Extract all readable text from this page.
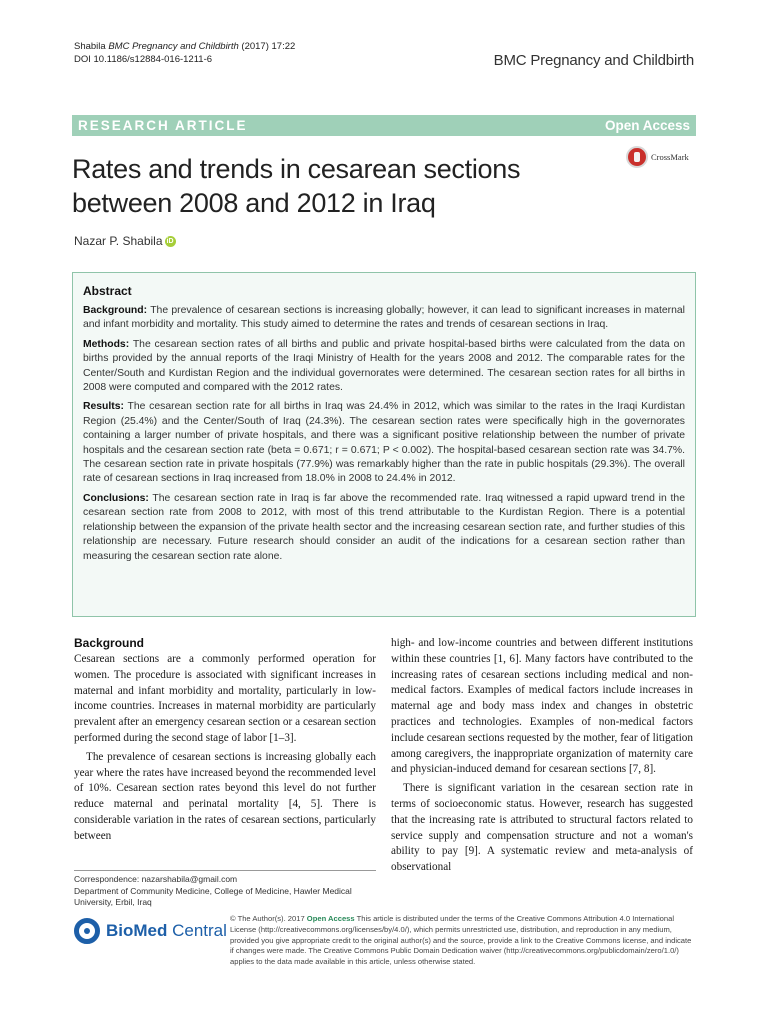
Shabila BMC Pregnancy and Childbirth (2017) 17:22
DOI 10.1186/s12884-016-1211-6	BMC Pregnancy and Childbirth
RESEARCH ARTICLE	Open Access
Rates and trends in cesarean sections between 2008 and 2012 in Iraq
CrossMark
Nazar P. Shabila iD
Abstract

Background: The prevalence of cesarean sections is increasing globally; however, it can lead to significant increases in maternal and infant morbidity and mortality. This study aimed to determine the rates and trends of cesarean sections in Iraq.

Methods: The cesarean section rates of all births and public and private hospital-based births were calculated from the data on births provided by the annual reports of the Iraqi Ministry of Health for the years 2008 and 2012. The comparable rates for the Center/South and Kurdistan Region and the individual governorates were determined. The cesarean section rates for all births in 2008 were computed and compared with the 2012 rates.

Results: The cesarean section rate for all births in Iraq was 24.4% in 2012, which was similar to the rates in the Iraqi Kurdistan Region (25.4%) and the Center/South of Iraq (24.3%). The cesarean section rates were specifically high in the governorates containing a larger number of private hospitals, and there was a significant positive relationship between the number of private hospitals and the cesarean section rate (beta = 0.671; r = 0.671; P < 0.002). The hospital-based cesarean section rate was 34.7%. The cesarean section rate in private hospitals (77.9%) was remarkably higher than the rate in public hospitals (29.3%). The overall rate of cesarean sections in Iraq increased from 18.0% in 2008 to 24.4% in 2012.

Conclusions: The cesarean section rate in Iraq is far above the recommended rate. Iraq witnessed a rapid upward trend in the cesarean section rate from 2008 to 2012, with most of this trend attributable to the Kurdistan Region. There is a potential relationship between the expansion of the private health sector and the increasing cesarean section rate, and further studies of this relationship are necessary. Future research should consider an audit of the indications for a cesarean section rather than measuring the cesarean section rate alone.

Background

Cesarean sections are a commonly performed operation for women. The procedure is associated with significant increases in maternal and infant morbidity and mortality, particularly in low-income countries. Increases in maternal morbidity are particularly prevalent after an emergency cesarean section or a cesarean section performed during the second stage of labor [1–3].

The prevalence of cesarean sections is increasing globally each year where the rates have increased beyond the recommended level of 10%. Cesarean section rates beyond this level do not further reduce maternal and perinatal mortality [4, 5]. There is considerable variation in the rates of cesarean sections, particularly between

high- and low-income countries and between different institutions within these countries [1, 6]. Many factors have contributed to the increasing rates of cesarean sections including medical and non-medical factors. Examples of medical factors include increases in maternal age and body mass index and changes in obstetric practices and technologies. Examples of non-medical factors include cesarean sections requested by the mother, fear of litigation among caregivers, the inappropriate organization of maternity care and physician-induced demand for cesarean sections [7, 8].

There is significant variation in the cesarean section rate in terms of socioeconomic status. However, research has suggested that the increasing rate is attributed to structural factors related to service supply and compensation structure and not a woman's ability to pay [9]. A systematic review and meta-analysis of observational

Correspondence: nazarshabila@gmail.com
Department of Community Medicine, College of Medicine, Hawler Medical University, Erbil, Iraq
BioMed Central
© The Author(s). 2017 Open Access This article is distributed under the terms of the Creative Commons Attribution 4.0 International License (http://creativecommons.org/licenses/by/4.0/), which permits unrestricted use, distribution, and reproduction in any medium, provided you give appropriate credit to the original author(s) and the source, provide a link to the Creative Commons license, and indicate if changes were made. The Creative Commons Public Domain Dedication waiver (http://creativecommons.org/publicdomain/zero/1.0/) applies to the data made available in this article, unless otherwise stated.
